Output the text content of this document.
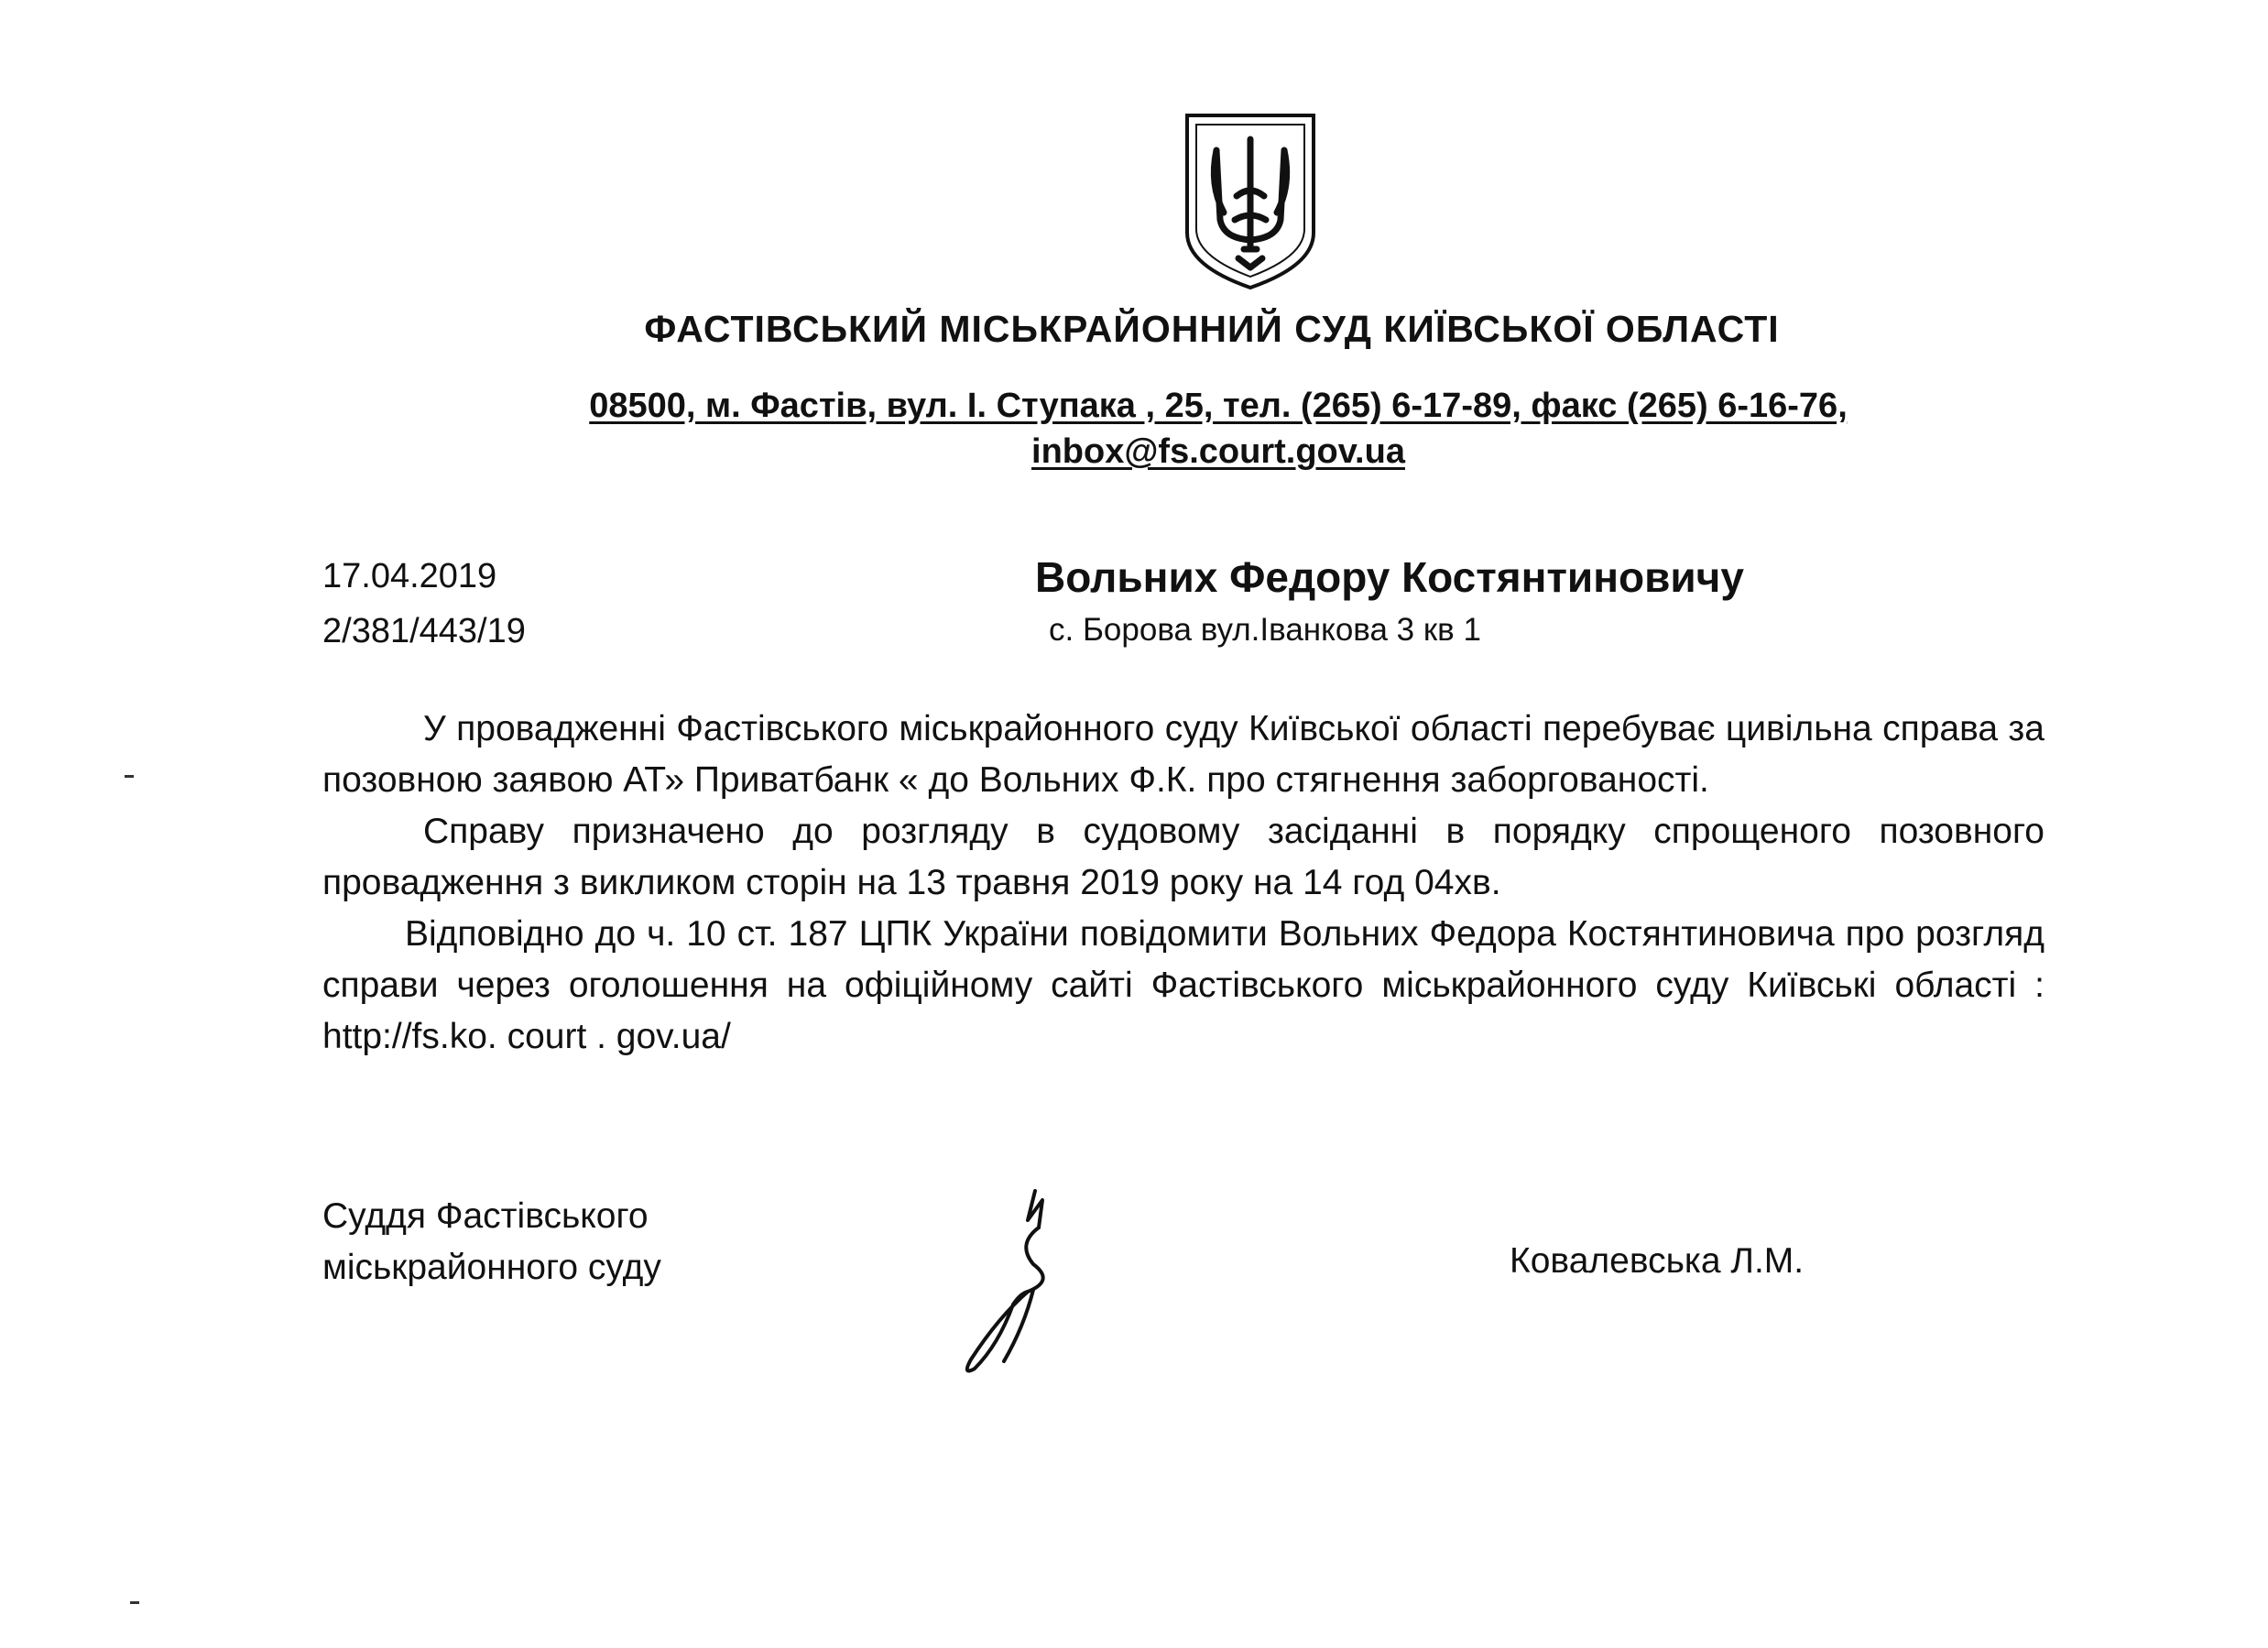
ФАСТІВСЬКИЙ МІСЬКРАЙОННИЙ СУД КИЇВСЬКОЇ ОБЛАСТІ
08500, м. Фастів, вул. І. Ступака , 25, тел. (265) 6-17-89, факс (265) 6-16-76,
inbox@fs.court.gov.ua
17.04.2019
2/381/443/19
Вольних Федору Костянтиновичу
с. Борова вул.Іванкова 3 кв 1

У провадженні Фастівського міськрайонного суду Київської області перебуває цивільна справа за позовною заявою АТ» Приватбанк « до Вольних Ф.К. про стягнення заборгованості.

Справу призначено до розгляду в судовому засіданні в порядку спрощеного позовного провадження з викликом сторін на 13 травня 2019 року на 14 год 04хв.

Відповідно до ч. 10 ст. 187 ЦПК України повідомити Вольних Федора Костянтиновича про розгляд справи через оголошення на офіційному сайті Фастівського міськрайонного суду Київські області : http://fs.ko. court . gov.ua/

Суддя Фастівського
міськрайонного суду	Ковалевська Л.М.
